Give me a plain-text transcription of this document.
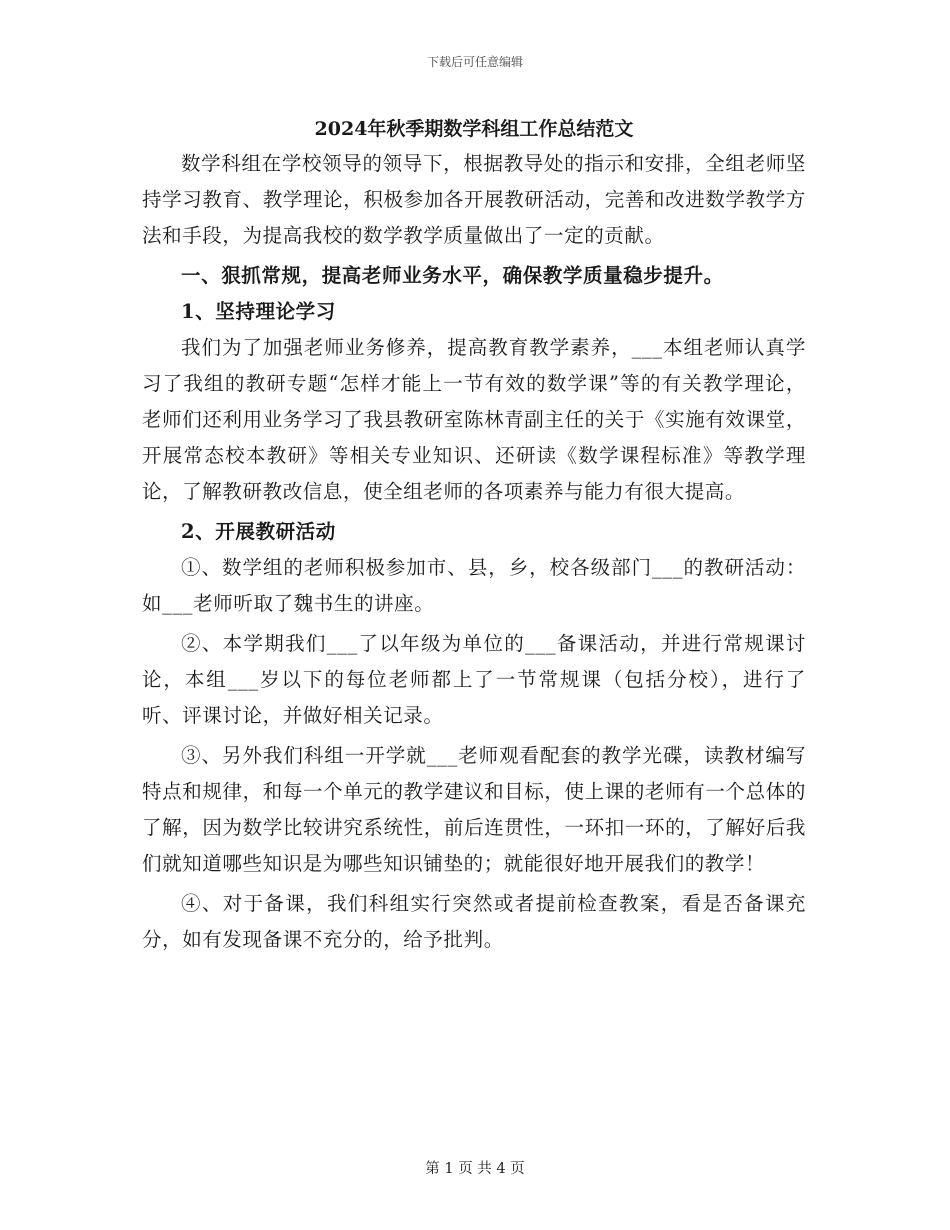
下载后可任意编辑

2024年秋季期数学科组工作总结范文

数学科组在学校领导的领导下，根据教导处的指示和安排，全组老师坚持学习教育、教学理论，积极参加各开展教研活动，完善和改进数学教学方法和手段，为提高我校的数学教学质量做出了一定的贡献。

一、狠抓常规，提高老师业务水平，确保教学质量稳步提升。

1、坚持理论学习

我们为了加强老师业务修养，提高教育教学素养，___本组老师认真学习了我组的教研专题“怎样才能上一节有效的数学课”等的有关教学理论，老师们还利用业务学习了我县教研室陈林青副主任的关于《实施有效课堂，开展常态校本教研》等相关专业知识、还研读《数学课程标准》等教学理论，了解教研教改信息，使全组老师的各项素养与能力有很大提高。

2、开展教研活动

①、数学组的老师积极参加市、县，乡，校各级部门___的教研活动：如___老师听取了魏书生的讲座。

②、本学期我们___了以年级为单位的___备课活动，并进行常规课讨论，本组___岁以下的每位老师都上了一节常规课（包括分校），进行了听、评课讨论，并做好相关记录。

③、另外我们科组一开学就___老师观看配套的教学光碟，读教材编写特点和规律，和每一个单元的教学建议和目标，使上课的老师有一个总体的了解，因为数学比较讲究系统性，前后连贯性，一环扣一环的，了解好后我们就知道哪些知识是为哪些知识铺垫的；就能很好地开展我们的教学！

④、对于备课，我们科组实行突然或者提前检查教案，看是否备课充分，如有发现备课不充分的，给予批判。

第 1 页 共 4 页
